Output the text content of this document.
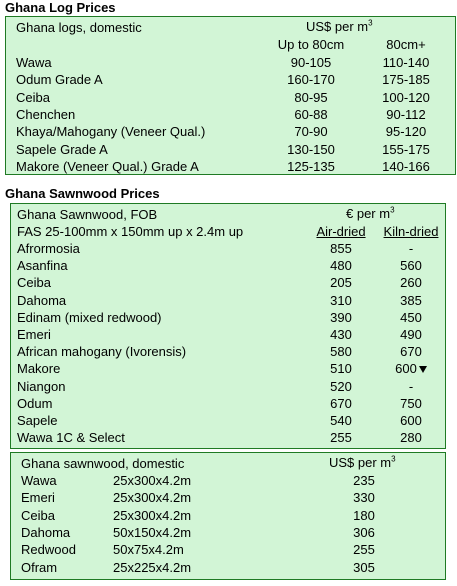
Ghana Log Prices
Ghana logs, domestic	US$ per $m^3$
Up to 80cm	80cm+
Wawa	90-105	110-140
Odum Grade A	160-170	175-185
Ceiba	80-95	100-120
Chenchen	60-88	90-112
Khaya/Mahogany (Veneer Qual.)	70-90	95-120
Sapele Grade A	130-150	155-175
Makore (Veneer Qual.) Grade A	125-135	140-166
Ghana Sawnwood Prices
Ghana Sawnwood, FOB	€ per $m^3$
FAS 25-100mm x 150mm up x 2.4m up	Air-dried	Kiln-dried
Afrormosia	855	-
Asanfina	480	560
Ceiba	205	260
Dahoma	310	385
Edinam (mixed redwood)	390	450
Emeri	430	490
African mahogany (Ivorensis)	580	670
Makore	510	600
Niangon	520	-
Odum	670	750
Sapele	540	600
Wawa 1C & Select	255	280
Ghana sawnwood, domestic	US$ per $m^3$
Wawa	25x300x4.2m	235
Emeri	25x300x4.2m	330
Ceiba	25x300x4.2m	180
Dahoma	50x150x4.2m	306
Redwood	50x75x4.2m	255
Ofram	25x225x4.2m	305
